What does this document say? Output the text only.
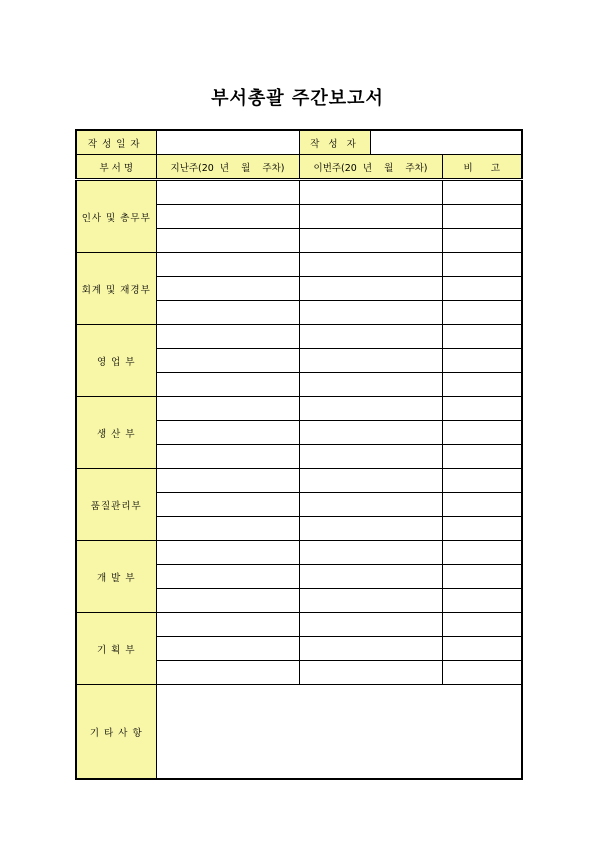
부서총괄 주간보고서
작성일자			작 성 자	

부 서 명	지난주(20  년    월    주차)	이번주(20  년    월    주차)	비      고
인사 및 총무부			

회계 및 재경부			

영 업 부			

생 산 부			

품질관리부			

개 발 부			

기 획 부			

기 타 사 항	
